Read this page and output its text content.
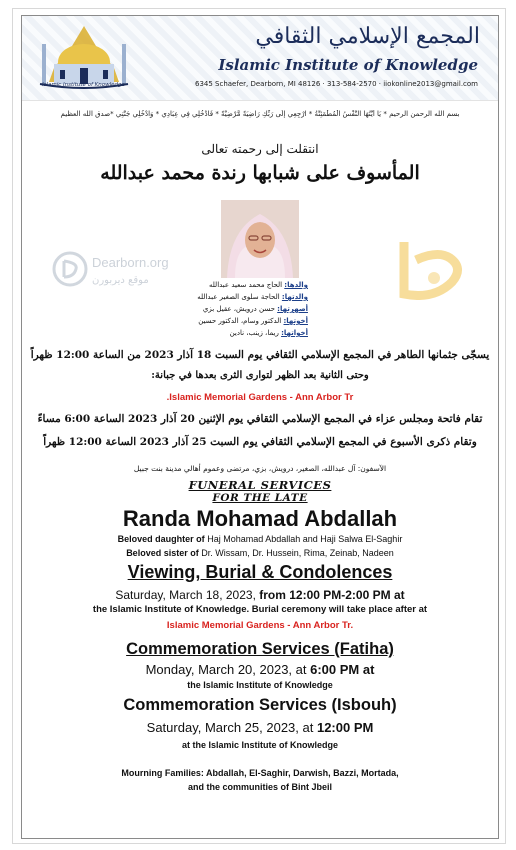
Islamic Institute of Knowledge
المجمع الإسلامي الثقافي
Islamic Institute of Knowledge
6345 Schaefer, Dearborn, MI 48126 · 313-584-2570 · iiokonline2013@gmail.com
بسم الله الرحمن الرحيم * يَا أَيَّتُهَا النَّفْسُ الْمُطْمَئِنَّةُ * ارْجِعِي إِلَى رَبِّكِ رَاضِيَةً مَّرْضِيَّةً * فَادْخُلِي فِي عِبَادِي * وَادْخُلِي جَنَّتِي *صدق الله العظيم
انتقلت إلى رحمته تعالى
المأسوف على شبابها رندة محمد عبدالله
Dearborn.org
موقع ديربورن	والدها: الحاج محمد سعيد عبدالله
والدتها: الحاجة سلوى الصغير عبدالله
أصهرتها: حسن درويش، عقيل بزي
أخوتها: الدكتور وسام، الدكتور حسين
أخواتها: ريما، زينب، نادين
يسجّى جثمانها الطاهر في المجمع الإسلامي الثقافي يوم السبت 18 آذار 2023 من الساعة 12:00 ظهراً
وحتى الثانية بعد الظهر لتوارى الثرى بعدها في جبانة:
Islamic Memorial Gardens - Ann Arbor Tr.
تقام فاتحة ومجلس عزاء في المجمع الإسلامي الثقافي يوم الإثنين 20 آذار 2023 الساعة 6:00 مساءً
وتقام ذكرى الأسبوع في المجمع الإسلامي الثقافي يوم السبت 25 آذار 2023 الساعة 12:00 ظهراً
الآسفون: آل عبدالله، الصغير، درويش، بزي، مرتضى وعموم أهالي مدينة بنت جبيل
FUNERAL SERVICES
FOR THE LATE
Randa Mohamad Abdallah
Beloved daughter of Haj Mohamad Abdallah and Haji Salwa El-Saghir
Beloved sister of Dr. Wissam, Dr. Hussein, Rima, Zeinab, Nadeen
Viewing, Burial & Condolences
Saturday, March 18, 2023, from 12:00 PM-2:00 PM at
the Islamic Institute of Knowledge. Burial ceremony will take place after at
Islamic Memorial Gardens - Ann Arbor Tr.
Commemoration Services (Fatiha)
Monday, March 20, 2023, at 6:00 PM at
the Islamic Institute of Knowledge
Commemoration Services (Isbouh)
Saturday, March 25, 2023, at 12:00 PM
at the Islamic Institute of Knowledge
Mourning Families: Abdallah, El-Saghir, Darwish, Bazzi, Mortada,
and the communities of Bint Jbeil
